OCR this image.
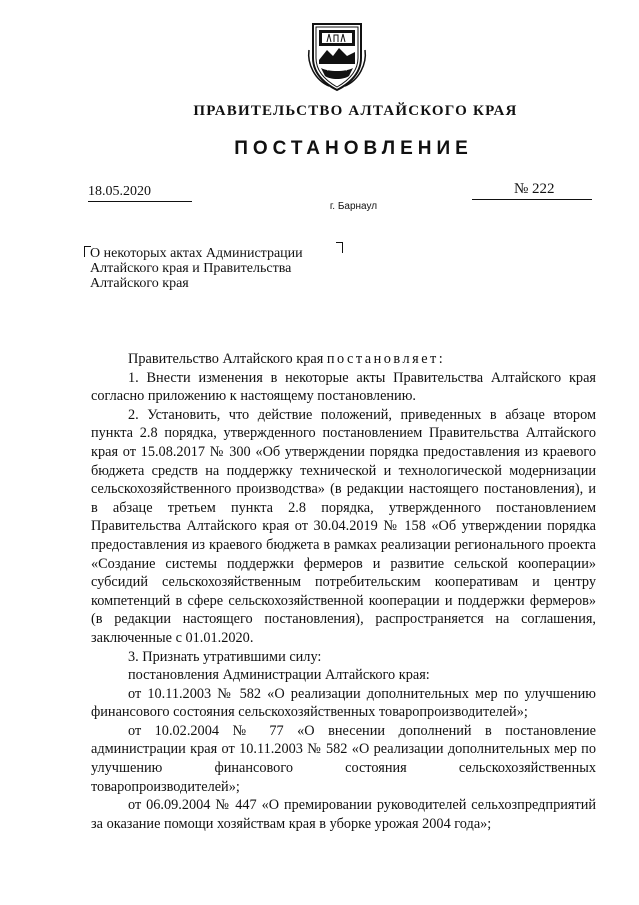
ПРАВИТЕЛЬСТВО АЛТАЙСКОГО КРАЯ
ПОСТАНОВЛЕНИЕ
18.05.2020	№ 222
г. Барнаул
О некоторых актах Администрации Алтайского края и Правительства Алтайского края

Правительство Алтайского края постановляет:

1. Внести изменения в некоторые акты Правительства Алтайского края согласно приложению к настоящему постановлению.

2. Установить, что действие положений, приведенных в абзаце втором пункта 2.8 порядка, утвержденного постановлением Правительства Алтайского края от 15.08.2017 № 300 «Об утверждении порядка предоставления из краевого бюджета средств на поддержку технической и технологической модернизации сельскохозяйственного производства» (в редакции настоящего постановления), и в абзаце третьем пункта 2.8 порядка, утвержденного постановлением Правительства Алтайского края от 30.04.2019 № 158 «Об утверждении порядка предоставления из краевого бюджета в рамках реализации регионального проекта «Создание системы поддержки фермеров и развитие сельской кооперации» субсидий сельскохозяйственным потребительским кооперативам и центру компетенций в сфере сельскохозяйственной кооперации и поддержки фермеров» (в редакции настоящего постановления), распространяется на соглашения, заключенные с 01.01.2020.

3. Признать утратившими силу:

постановления Администрации Алтайского края:

от 10.11.2003 № 582 «О реализации дополнительных мер по улучшению финансового состояния сельскохозяйственных товаропроизводителей»;

от 10.02.2004 № 77 «О внесении дополнений в постановление администрации края от 10.11.2003 № 582 «О реализации дополнительных мер по улучшению финансового состояния сельскохозяйственных товаропроизводителей»;

от 06.09.2004 № 447 «О премировании руководителей сельхозпредприятий за оказание помощи хозяйствам края в уборке урожая 2004 года»;
